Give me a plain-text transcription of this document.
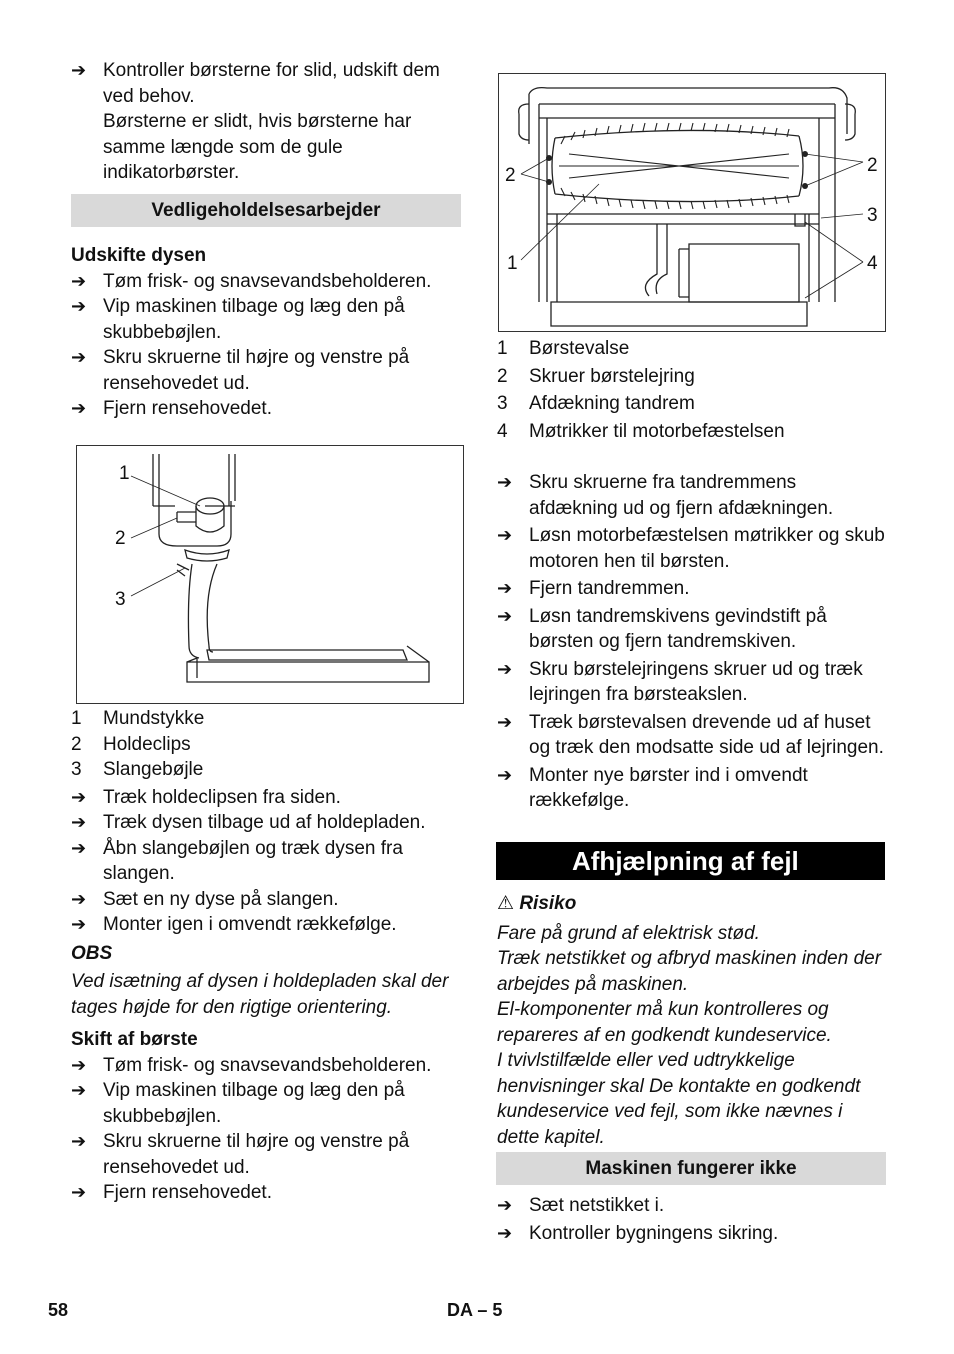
➔ Kontroller børsterne for slid, udskift dem ved behov.
Børsterne er slidt, hvis børsterne har samme længde som de gule indikatorbørster.
Vedligeholdelsesarbejder
Udskifte dysen
➔ Tøm frisk- og snavsevandsbeholderen.
➔ Vip maskinen tilbage og læg den på skubbebøjlen.
➔ Skru skruerne til højre og venstre på rensehovedet ud.
➔ Fjern rensehovedet.
1
2
3
1	Mundstykke
2	Holdeclips
3	Slangebøjle
➔ Træk holdeclipsen fra siden.
➔ Træk dysen tilbage ud af holdepladen.
➔ Åbn slangebøjlen og træk dysen fra slangen.
➔ Sæt en ny dyse på slangen.
➔ Monter igen i omvendt rækkefølge.
OBS
Ved isætning af dysen i holdepladen skal der tages højde for den rigtige orientering.
Skift af børste
➔ Tøm frisk- og snavsevandsbeholderen.
➔ Vip maskinen tilbage og læg den på skubbebøjlen.
➔ Skru skruerne til højre og venstre på rensehovedet ud.
➔ Fjern rensehovedet.
2
1
2
3
4
1	Børstevalse
2	Skruer børstelejring
3	Afdækning tandrem
4	Møtrikker til motorbefæstelsen
➔ Skru skruerne fra tandremmens afdækning ud og fjern afdækningen.
➔ Løsn motorbefæstelsen møtrikker og skub motoren hen til børsten.
➔ Fjern tandremmen.
➔ Løsn tandremskivens gevindstift på børsten og fjern tandremskiven.
➔ Skru børstelejringens skruer ud og træk lejringen fra børsteakslen.
➔ Træk børstevalsen drevende ud af huset og træk den modsatte side ud af lejringen.
➔ Monter nye børster ind i omvendt rækkefølge.
Afhjælpning af fejl
⚠ Risiko
Fare på grund af elektrisk stød.
Træk netstikket og afbryd maskinen inden der arbejdes på maskinen.
El-komponenter må kun kontrolleres og repareres af en godkendt kundeservice.
I tvivlstilfælde eller ved udtrykkelige henvisninger skal De kontakte en godkendt kundeservice ved fejl, som ikke nævnes i dette kapitel.
Maskinen fungerer ikke
➔ Sæt netstikket i.
➔ Kontroller bygningens sikring.
58	DA – 5
